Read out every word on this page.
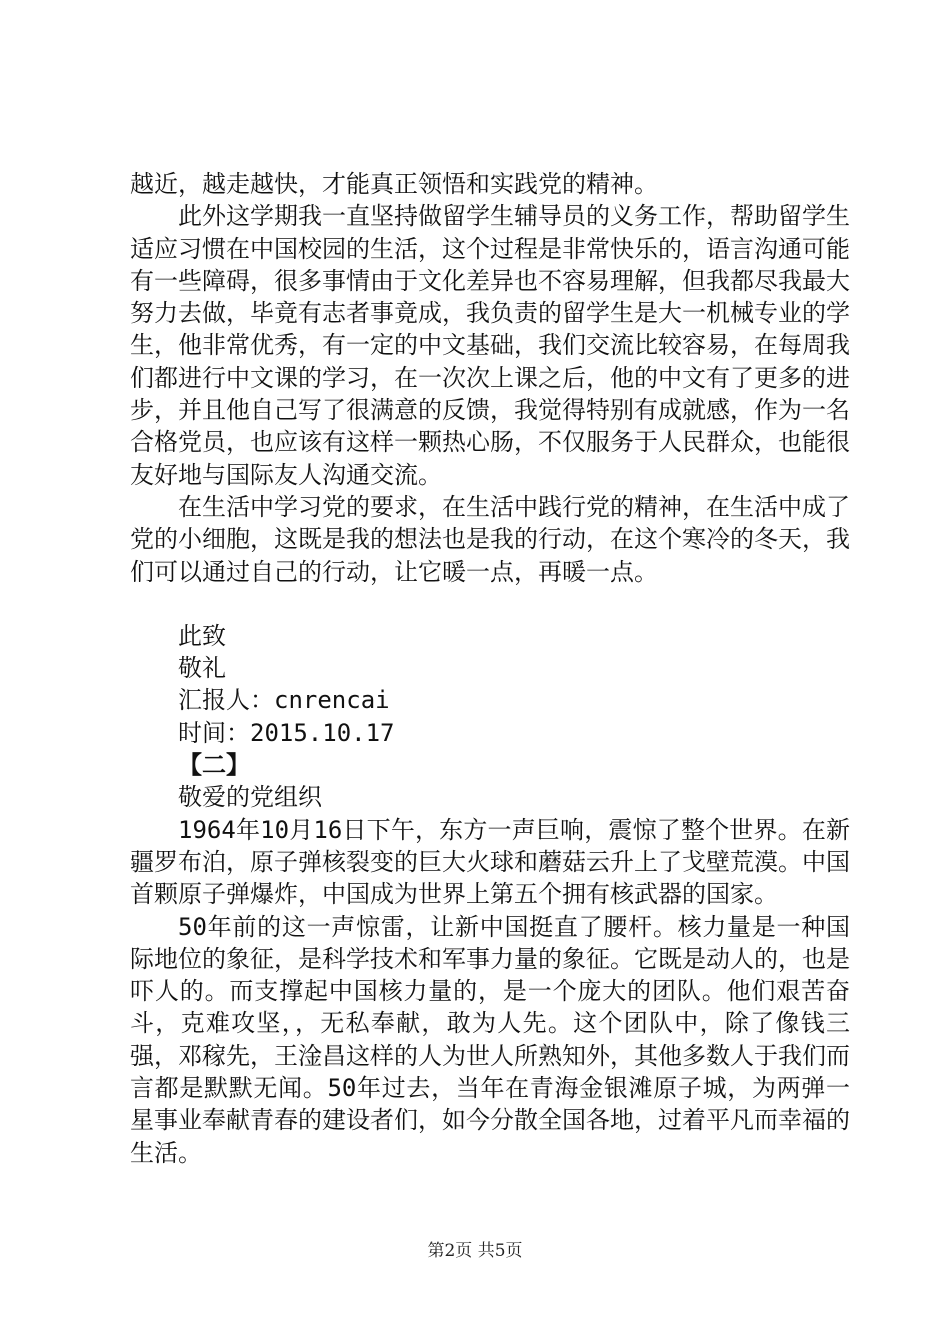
越近，越走越快，才能真正领悟和实践党的精神。

此外这学期我一直坚持做留学生辅导员的义务工作，帮助留学生适应习惯在中国校园的生活，这个过程是非常快乐的，语言沟通可能有一些障碍，很多事情由于文化差异也不容易理解，但我都尽我最大努力去做，毕竟有志者事竟成，我负责的留学生是大一机械专业的学生，他非常优秀，有一定的中文基础，我们交流比较容易，在每周我们都进行中文课的学习，在一次次上课之后，他的中文有了更多的进步，并且他自己写了很满意的反馈，我觉得特别有成就感，作为一名合格党员，也应该有这样一颗热心肠，不仅服务于人民群众，也能很友好地与国际友人沟通交流。

在生活中学习党的要求，在生活中践行党的精神，在生活中成了党的小细胞，这既是我的想法也是我的行动，在这个寒冷的冬天，我们可以通过自己的行动，让它暖一点，再暖一点。

此致

敬礼

汇报人：cnrencai

时间：2015.10.17

【二】

敬爱的党组织

1964年10月16日下午，东方一声巨响，震惊了整个世界。在新疆罗布泊，原子弹核裂变的巨大火球和蘑菇云升上了戈壁荒漠。中国首颗原子弹爆炸，中国成为世界上第五个拥有核武器的国家。

50年前的这一声惊雷，让新中国挺直了腰杆。核力量是一种国际地位的象征，是科学技术和军事力量的象征。它既是动人的，也是吓人的。而支撑起中国核力量的，是一个庞大的团队。他们艰苦奋斗，克难攻坚，，无私奉献，敢为人先。这个团队中，除了像钱三强，邓稼先，王淦昌这样的人为世人所熟知外，其他多数人于我们而言都是默默无闻。50年过去，当年在青海金银滩原子城，为两弹一星事业奉献青春的建设者们，如今分散全国各地，过着平凡而幸福的生活。

第2页 共5页
